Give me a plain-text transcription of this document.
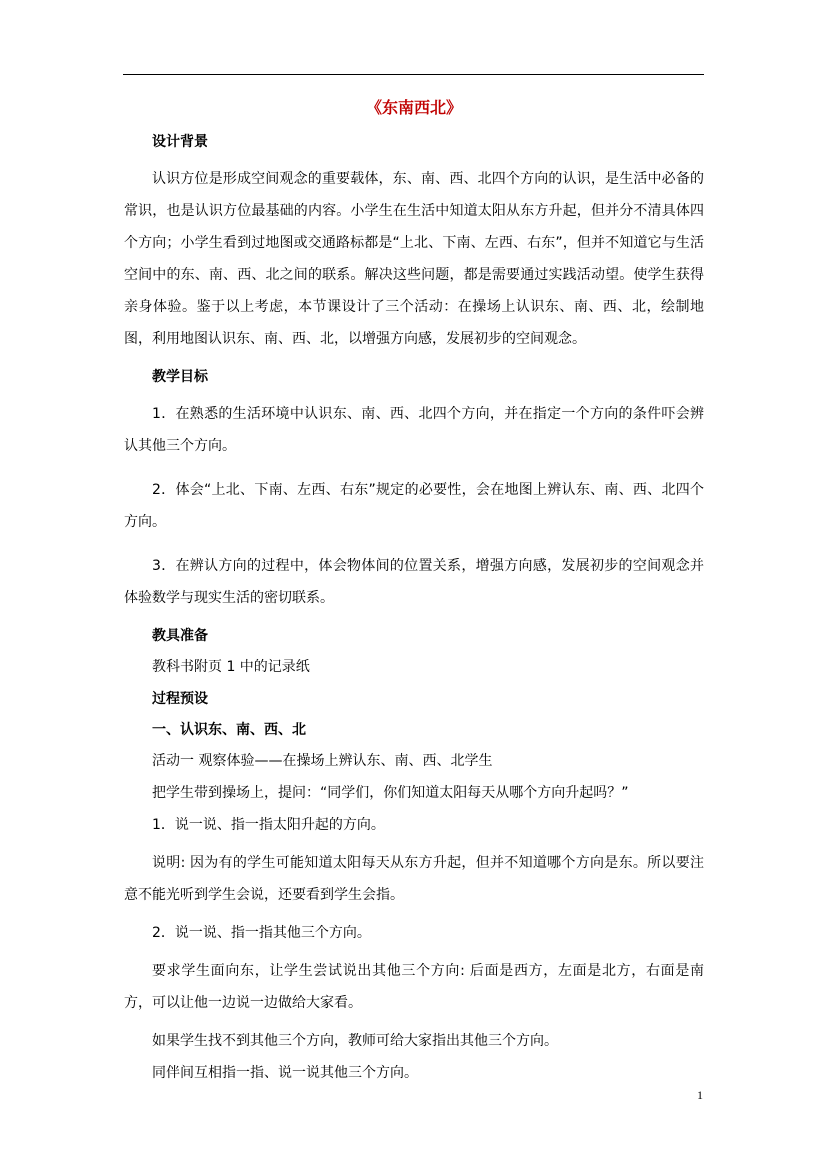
《东南西北》
设计背景
认识方位是形成空间观念的重要载体，东、南、西、北四个方向的认识，是生活中必备的常识，也是认识方位最基础的内容。小学生在生活中知道太阳从东方升起，但并分不清具体四个方向；小学生看到过地图或交通路标都是“上北、下南、左西、右东”，但并不知道它与生活空间中的东、南、西、北之间的联系。解决这些问题，都是需要通过实践活动望。使学生获得亲身体验。鉴于以上考虑，本节课设计了三个活动：在操场上认识东、南、西、北，绘制地图，利用地图认识东、南、西、北，以增强方向感，发展初步的空间观念。
教学目标
1．在熟悉的生活环境中认识东、南、西、北四个方向，并在指定一个方向的条件吓会辨认其他三个方向。
2．体会“上北、下南、左西、右东”规定的必要性，会在地图上辨认东、南、西、北四个方向。
3．在辨认方向的过程中，体会物体间的位置关系，增强方向感，发展初步的空间观念并体验数学与现实生活的密切联系。
教具准备
教科书附页 1 中的记录纸
过程预设
一、认识东、南、西、北
活动一 观察体验——在操场上辨认东、南、西、北学生
把学生带到操场上，提问：“同学们，你们知道太阳每天从哪个方向升起吗？”
1．说一说、指一指太阳升起的方向。
说明: 因为有的学生可能知道太阳每天从东方升起，但并不知道哪个方向是东。所以要注意不能光听到学生会说，还要看到学生会指。
2．说一说、指一指其他三个方向。
要求学生面向东，让学生尝试说出其他三个方向: 后面是西方，左面是北方，右面是南方，可以让他一边说一边做给大家看。
如果学生找不到其他三个方向，教师可给大家指出其他三个方向。
同伴间互相指一指、说一说其他三个方向。
1
